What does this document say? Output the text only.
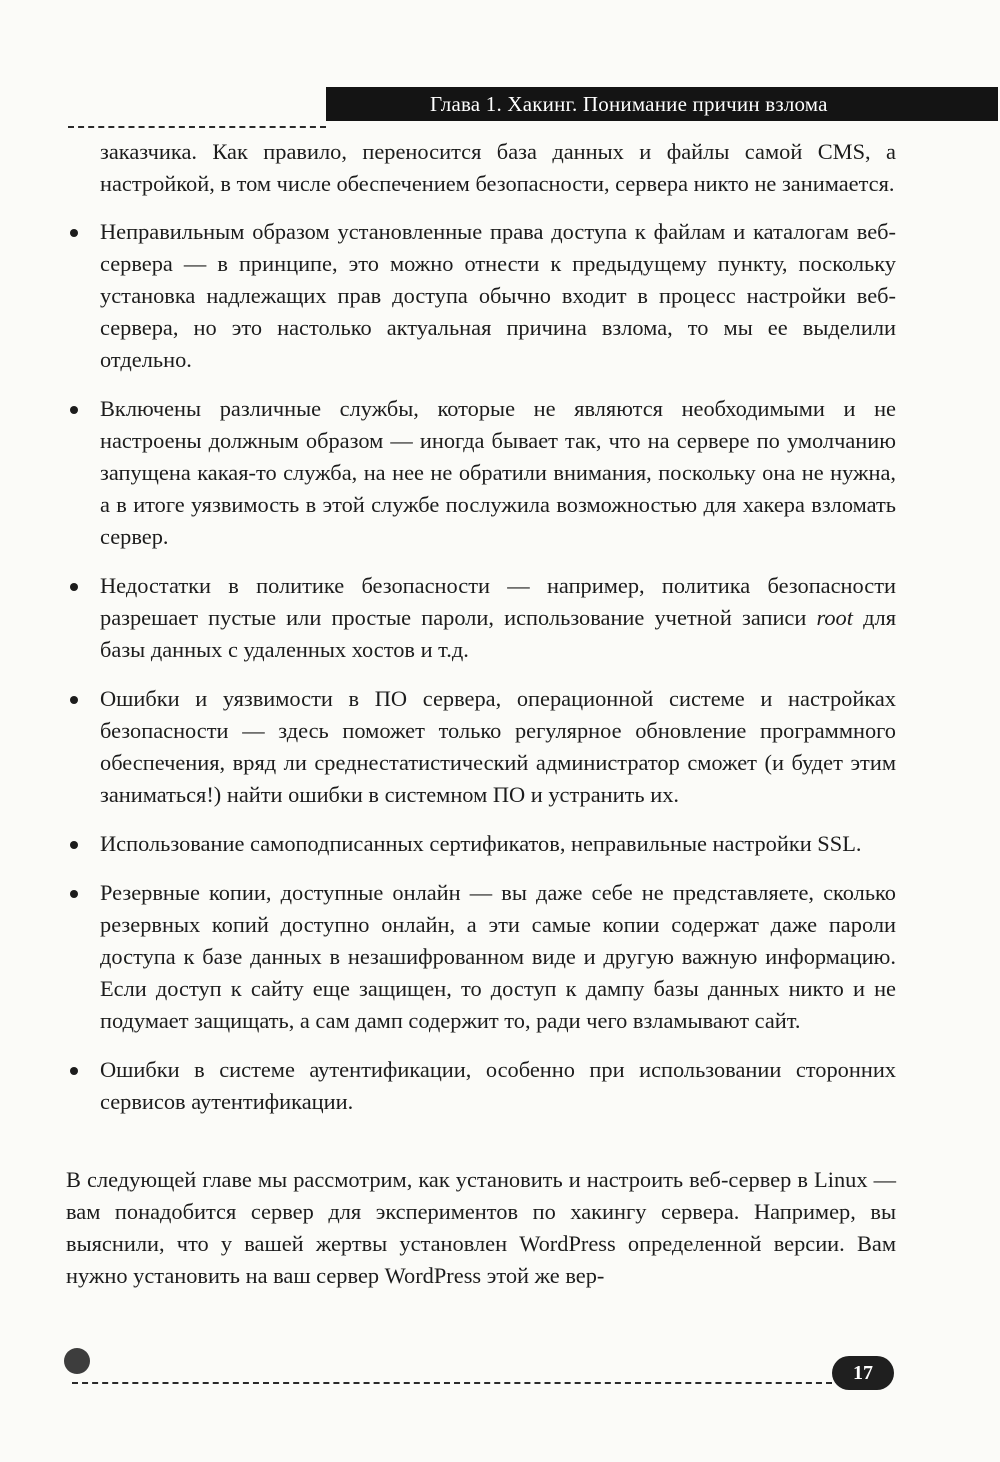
Глава 1. Хакинг. Понимание причин взлома

заказчика. Как правило, переносится база данных и файлы самой CMS, а настройкой, в том числе обеспечением безопасности, сервера никто не занимается.

Неправильным образом установленные права доступа к файлам и каталогам веб-сервера — в принципе, это можно отнести к предыдущему пункту, поскольку установка надлежащих прав доступа обычно входит в процесс настройки веб-сервера, но это настолько актуальная причина взлома, то мы ее выделили отдельно.
Включены различные службы, которые не являются необходимыми и не настроены должным образом — иногда бывает так, что на сервере по умолчанию запущена какая-то служба, на нее не обратили внимания, поскольку она не нужна, а в итоге уязвимость в этой службе послужила возможностью для хакера взломать сервер.
Недостатки в политике безопасности — например, политика безопасности разрешает пустые или простые пароли, использование учетной записи root для базы данных с удаленных хостов и т.д.
Ошибки и уязвимости в ПО сервера, операционной системе и настройках безопасности — здесь поможет только регулярное обновление программного обеспечения, вряд ли среднестатистический администратор сможет (и будет этим заниматься!) найти ошибки в системном ПО и устранить их.
Использование самоподписанных сертификатов, неправильные настройки SSL.
Резервные копии, доступные онлайн — вы даже себе не представляете, сколько резервных копий доступно онлайн, а эти самые копии содержат даже пароли доступа к базе данных в незашифрованном виде и другую важную информацию. Если доступ к сайту еще защищен, то доступ к дампу базы данных никто и не подумает защищать, а сам дамп содержит то, ради чего взламывают сайт.
Ошибки в системе аутентификации, особенно при использовании сторонних сервисов аутентификации.

В следующей главе мы рассмотрим, как установить и настроить веб-сервер в Linux — вам понадобится сервер для экспериментов по хакингу сервера. Например, вы выяснили, что у вашей жертвы установлен WordPress определенной версии. Вам нужно установить на ваш сервер WordPress этой же вер-

17
